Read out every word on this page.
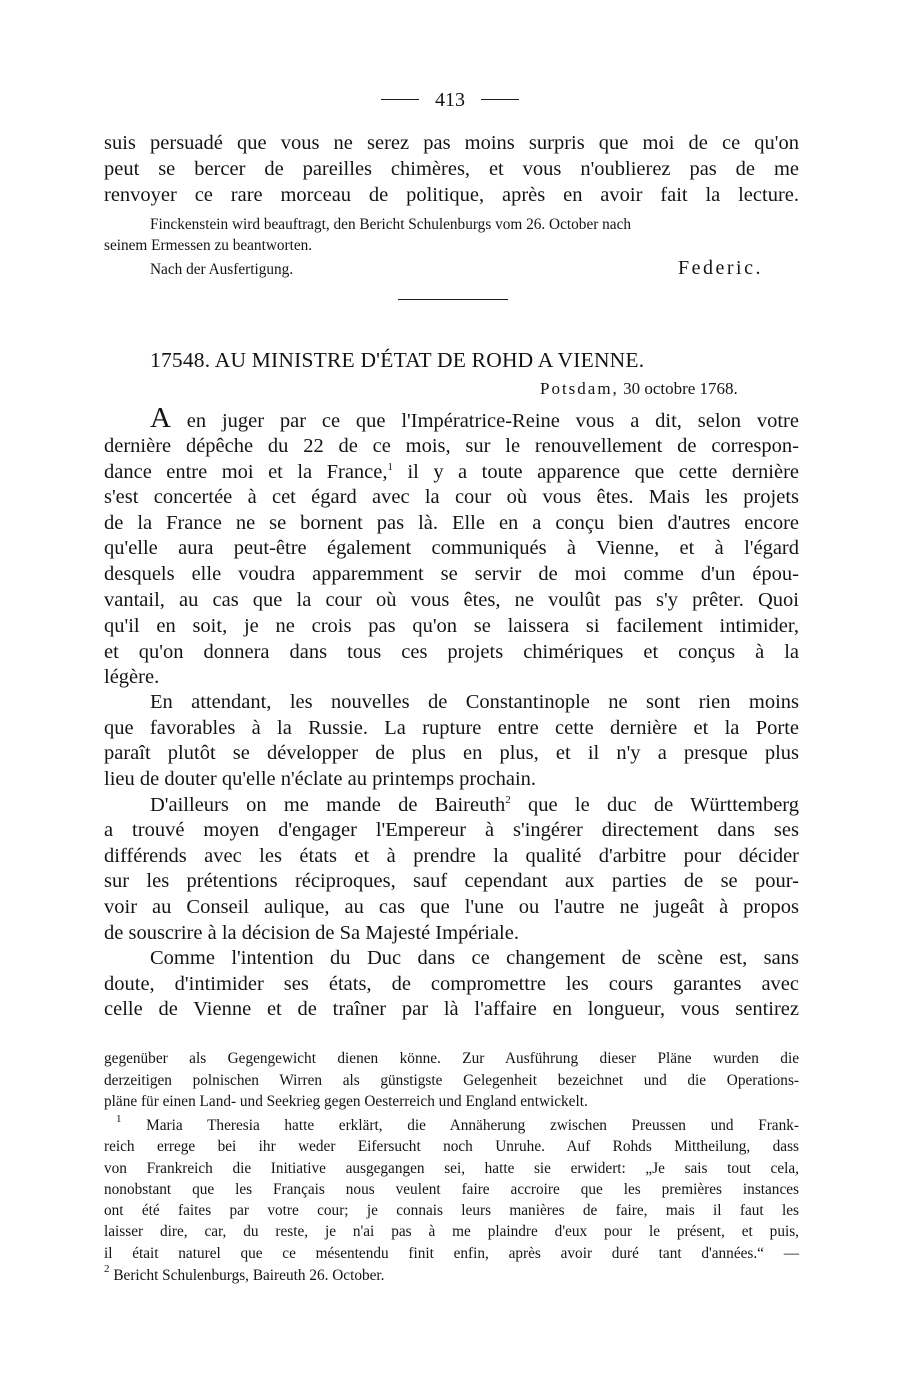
413
suis persuadé que vous ne serez pas moins surpris que moi de ce qu'on
peut se bercer de pareilles chimères, et vous n'oublierez pas de me
renvoyer ce rare morceau de politique, après en avoir fait la lecture.
Finckenstein wird beauftragt, den Bericht Schulenburgs vom 26. October nach
seinem Ermessen zu beantworten.
Nach der Ausfertigung.	Federic.
17548. AU MINISTRE D'ÉTAT DE ROHD A VIENNE.
Potsdam, 30 octobre 1768.
A en juger par ce que l'Impératrice-Reine vous a dit, selon votre
dernière dépêche du 22 de ce mois, sur le renouvellement de correspon-
dance entre moi et la France,$^1$ il y a toute apparence que cette dernière
s'est concertée à cet égard avec la cour où vous êtes. Mais les projets
de la France ne se bornent pas là. Elle en a conçu bien d'autres encore
qu'elle aura peut-être également communiqués à Vienne, et à l'égard
desquels elle voudra apparemment se servir de moi comme d'un épou-
vantail, au cas que la cour où vous êtes, ne voulût pas s'y prêter. Quoi
qu'il en soit, je ne crois pas qu'on se laissera si facilement intimider,
et qu'on donnera dans tous ces projets chimériques et conçus à la
légère.
En attendant, les nouvelles de Constantinople ne sont rien moins
que favorables à la Russie. La rupture entre cette dernière et la Porte
paraît plutôt se développer de plus en plus, et il n'y a presque plus
lieu de douter qu'elle n'éclate au printemps prochain.
D'ailleurs on me mande de Baireuth$^2$ que le duc de Württemberg
a trouvé moyen d'engager l'Empereur à s'ingérer directement dans ses
différends avec les états et à prendre la qualité d'arbitre pour décider
sur les prétentions réciproques, sauf cependant aux parties de se pour-
voir au Conseil aulique, au cas que l'une ou l'autre ne jugeât à propos
de souscrire à la décision de Sa Majesté Impériale.
Comme l'intention du Duc dans ce changement de scène est, sans
doute, d'intimider ses états, de compromettre les cours garantes avec
celle de Vienne et de traîner par là l'affaire en longueur, vous sentirez
gegenüber als Gegengewicht dienen könne. Zur Ausführung dieser Pläne wurden die
derzeitigen polnischen Wirren als günstigste Gelegenheit bezeichnet und die Operations-
pläne für einen Land- und Seekrieg gegen Oesterreich und England entwickelt.
$^1$ Maria Theresia hatte erklärt, die Annäherung zwischen Preussen und Frank-
reich errege bei ihr weder Eifersucht noch Unruhe. Auf Rohds Mittheilung, dass
von Frankreich die Initiative ausgegangen sei, hatte sie erwidert: „Je sais tout cela,
nonobstant que les Français nous veulent faire accroire que les premières instances
ont été faites par votre cour; je connais leurs manières de faire, mais il faut les
laisser dire, car, du reste, je n'ai pas à me plaindre d'eux pour le présent, et puis,
il était naturel que ce mésentendu finit enfin, après avoir duré tant d'années.“ —
$^2$ Bericht Schulenburgs, Baireuth 26. October.
